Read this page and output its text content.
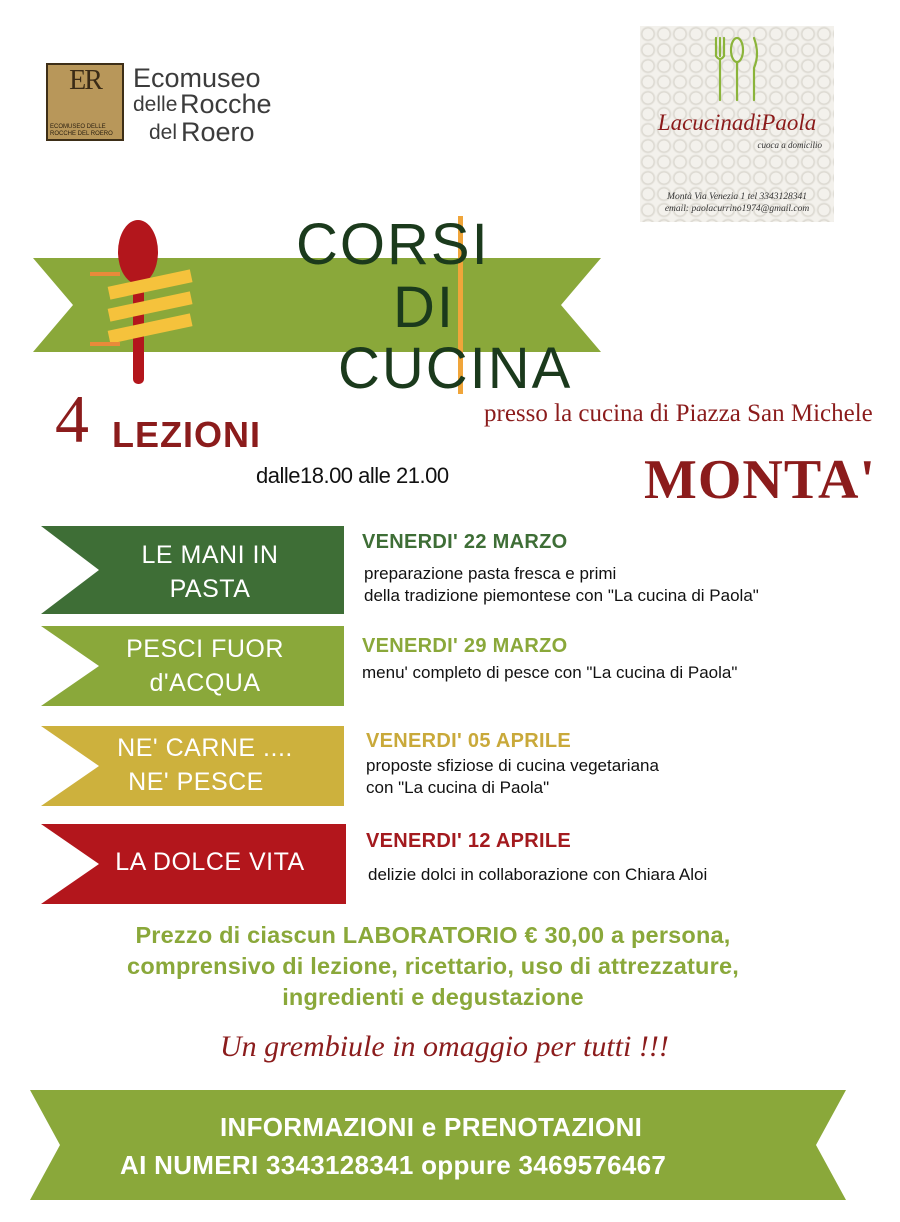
ER
ECOMUSEO DELLE ROCCHE DEL ROERO
Ecomuseo
delle Rocche
del Roero	LacucinadiPaola
cuoca a domicilio
Montà Via Venezia 1 tel 3343128341
email: paolacurrino1974@gmail.com
CORSI
DI
CUCINA
4 LEZIONI
dalle18.00 alle 21.00
presso la cucina di Piazza San Michele
MONTA'
LE MANI IN
PASTA
VENERDI' 22 MARZO
preparazione pasta fresca e primi
della tradizione piemontese con "La cucina di Paola"
PESCI FUOR
d'ACQUA
VENERDI' 29 MARZO
menu' completo di pesce con "La cucina di Paola"
NE' CARNE ....
NE' PESCE
VENERDI' 05 APRILE
proposte sfiziose di cucina vegetariana
con "La cucina di Paola"
LA DOLCE VITA
VENERDI' 12 APRILE
delizie dolci in collaborazione con Chiara Aloi
Prezzo di ciascun LABORATORIO € 30,00 a persona,
comprensivo di lezione, ricettario, uso di attrezzature,
ingredienti e degustazione
Un grembiule in omaggio per tutti !!!
INFORMAZIONI e PRENOTAZIONI
AI NUMERI 3343128341 oppure 3469576467
